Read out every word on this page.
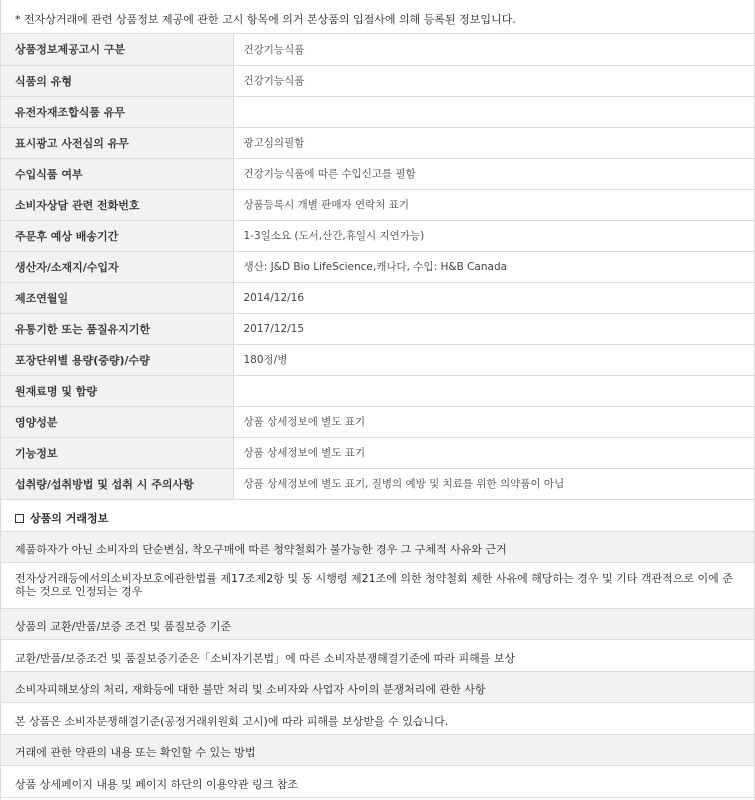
* 전자상거래에 관련 상품정보 제공에 관한 고시 항목에 의거 본상품의 입점사에 의해 등록된 정보입니다.
상품정보제공고시 구분	건강기능식품
식품의 유형	건강기능식품
유전자재조합식품 유무	
표시광고 사전심의 유무	광고심의필함
수입식품 여부	건강기능식품에 따른 수입신고를 필함
소비자상담 관련 전화번호	상품등록시 개별 판매자 연락처 표기
주문후 예상 배송기간	1-3일소요 (도서,산간,휴일시 지연가능)
생산자/소재지/수입자	생산: J&D Bio LifeScience,캐나다, 수입: H&B Canada
제조연월일	2014/12/16
유통기한 또는 품질유지기한	2017/12/15
포장단위별 용량(중량)/수량	180정/병
원재료명 및 함량	
영양성분	상품 상세정보에 별도 표기
기능정보	상품 상세정보에 별도 표기
섭취량/섭취방법 및 섭취 시 주의사항	상품 상세정보에 별도 표기, 질병의 예방 및 치료를 위한 의약품이 아님
상품의 거래정보
제품하자가 아닌 소비자의 단순변심, 착오구매에 따른 청약철회가 불가능한 경우 그 구체적 사유와 근거
전자상거래등에서의소비자보호에관한법률 제17조제2항 및 동 시행령 제21조에 의한 청약철회 제한 사유에 해당하는 경우 및 기타 객관적으로 이에 준하는 것으로 인정되는 경우
상품의 교환/반품/보증 조건 및 품질보증 기준
교환/반품/보증조건 및 품질보증기준은「소비자기본법」에 따른 소비자분쟁해결기준에 따라 피해를 보상
소비자피해보상의 처리, 재화등에 대한 불만 처리 및 소비자와 사업자 사이의 분쟁처리에 관한 사항
본 상품은 소비자분쟁해결기준(공정거래위원회 고시)에 따라 피해를 보상받을 수 있습니다.
거래에 관한 약관의 내용 또는 확인할 수 있는 방법
상품 상세페이지 내용 및 페이지 하단의 이용약관 링크 참조
